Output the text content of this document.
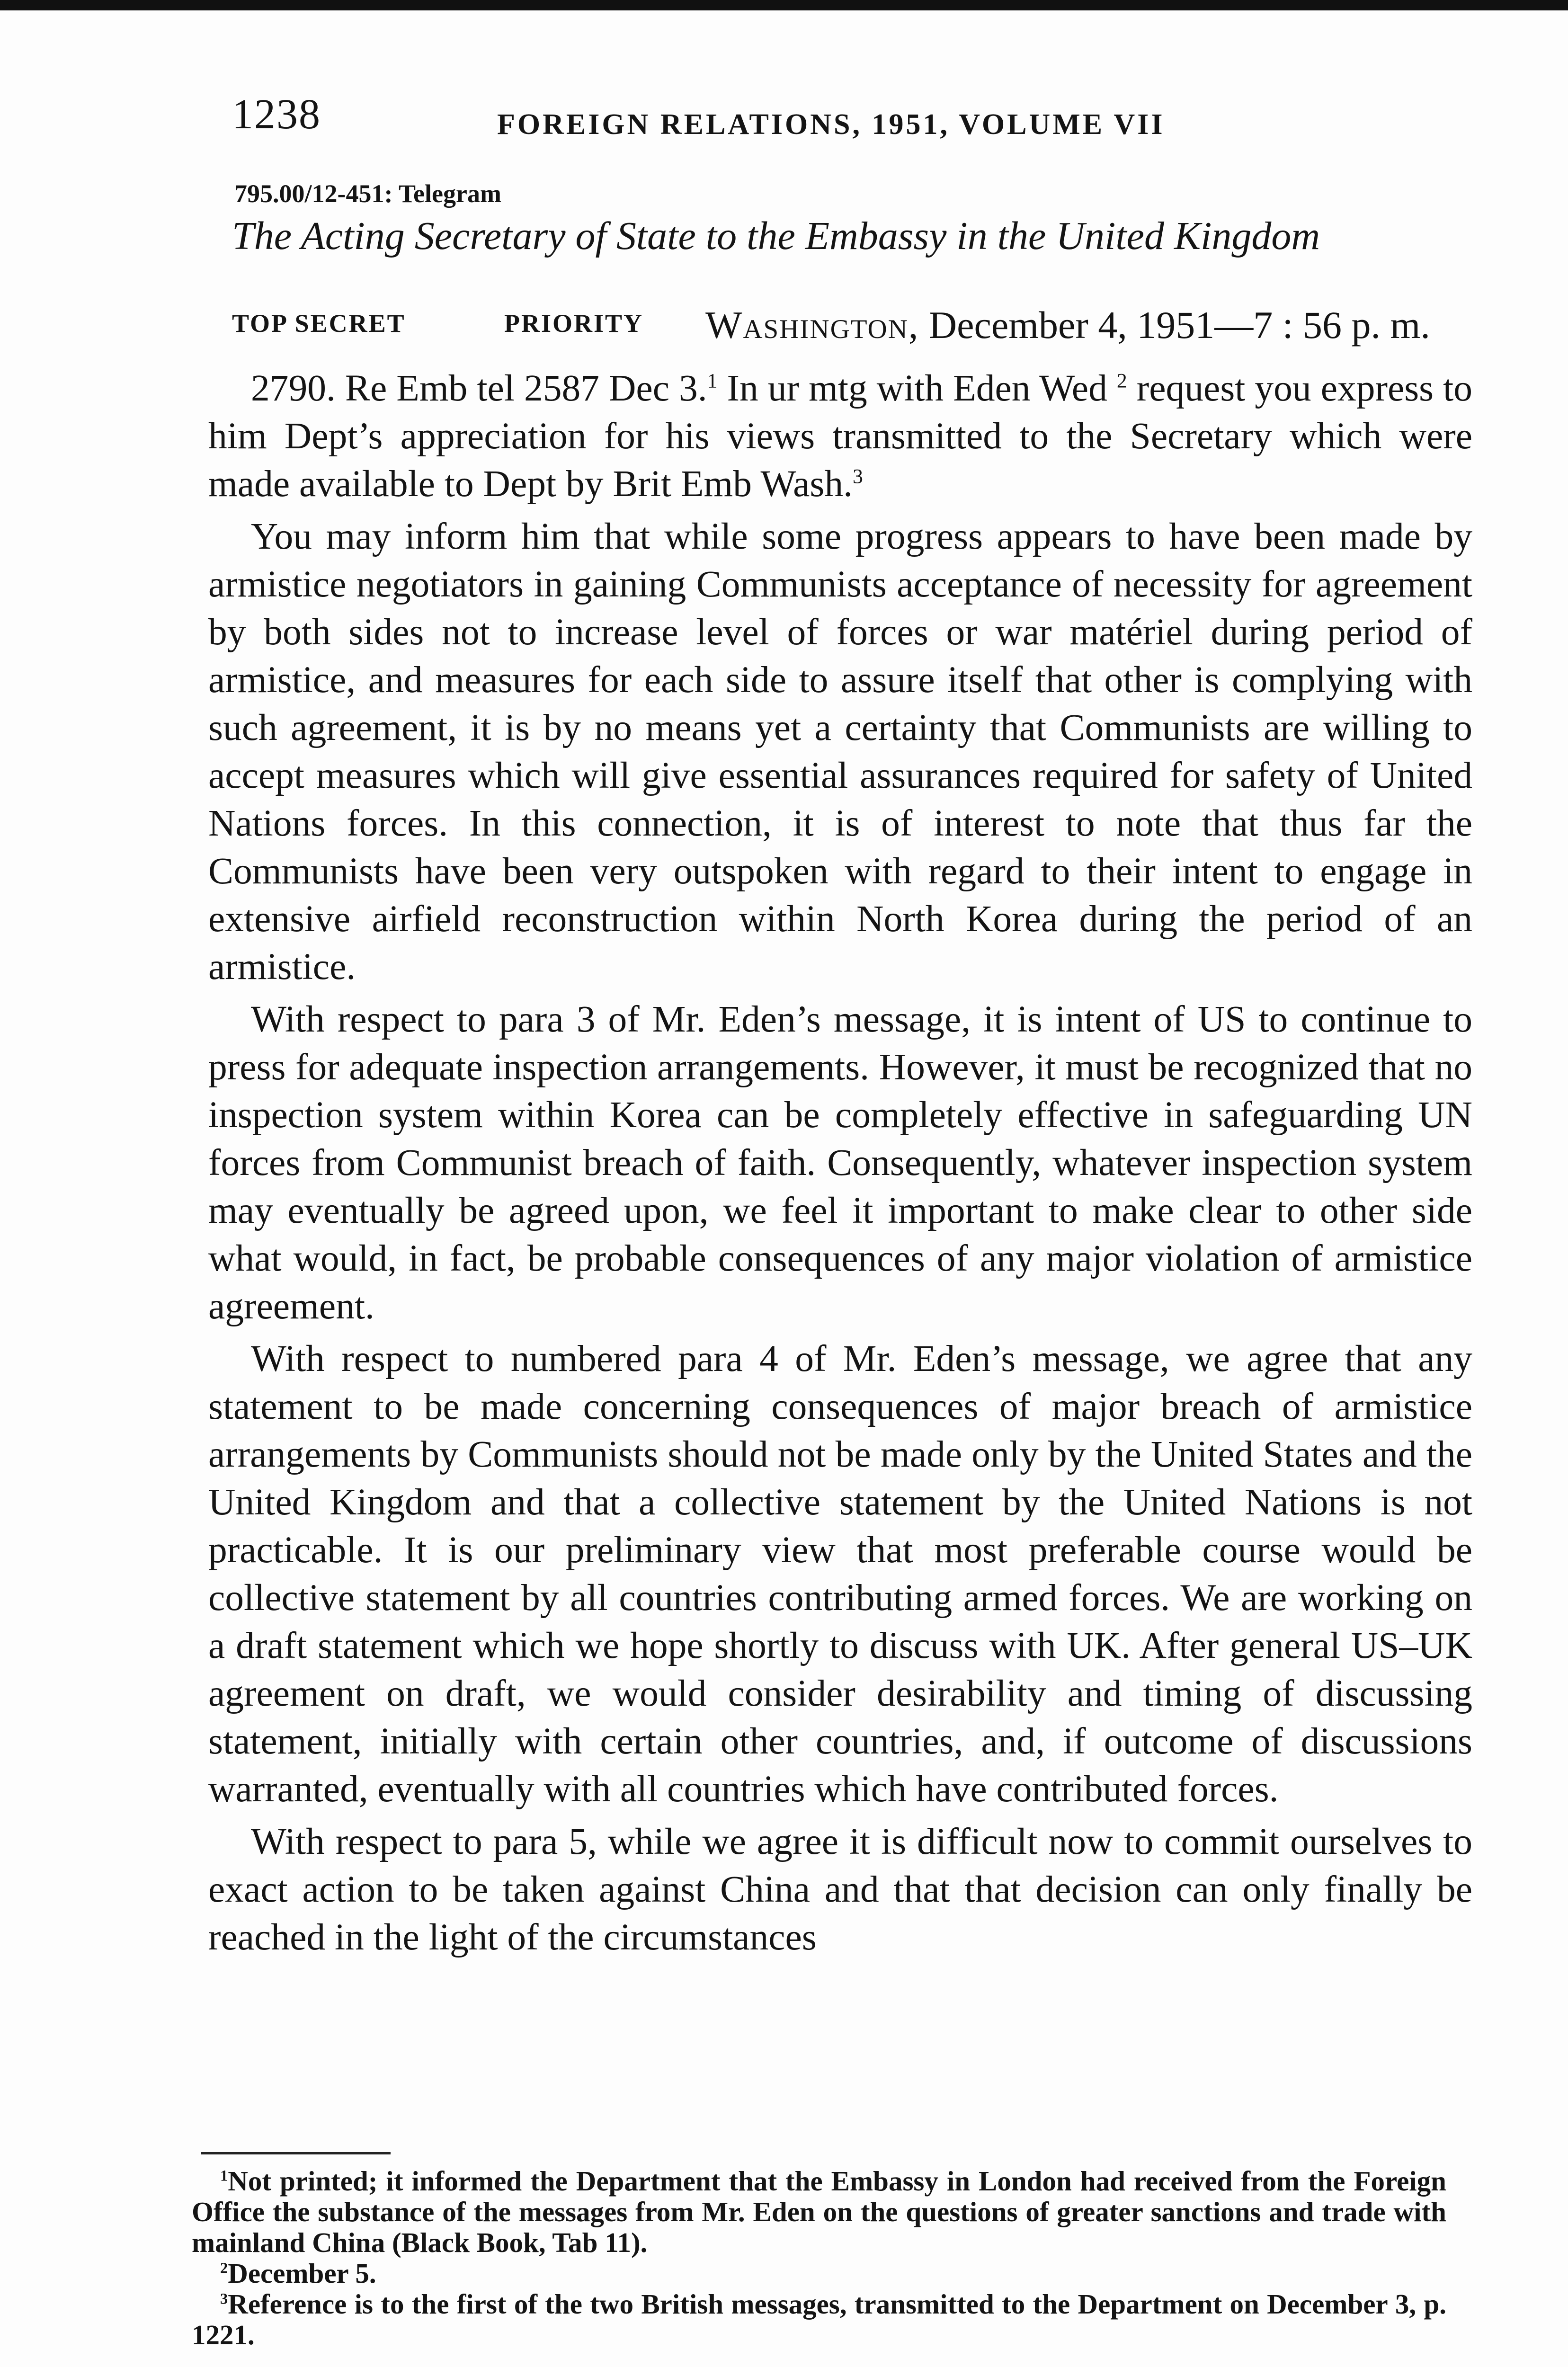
1238	FOREIGN RELATIONS, 1951, VOLUME VII
795.00/12-451: Telegram
The Acting Secretary of State to the Embassy in the United Kingdom
TOP SECRET	PRIORITY Washington, December 4, 1951—7 : 56 p. m.

2790. Re Emb tel 2587 Dec 3.$^1$ In ur mtg with Eden Wed $^2$ request you express to him Dept’s appreciation for his views transmitted to the Secretary which were made available to Dept by Brit Emb Wash.$^3$

You may inform him that while some progress appears to have been made by armistice negotiators in gaining Communists acceptance of necessity for agreement by both sides not to increase level of forces or war matériel during period of armistice, and measures for each side to assure itself that other is complying with such agreement, it is by no means yet a certainty that Communists are willing to accept measures which will give essential assurances required for safety of United Nations forces. In this connection, it is of interest to note that thus far the Communists have been very outspoken with regard to their intent to engage in extensive airfield reconstruction within North Korea during the period of an armistice.

With respect to para 3 of Mr. Eden’s message, it is intent of US to continue to press for adequate inspection arrangements. However, it must be recognized that no inspection system within Korea can be completely effective in safeguarding UN forces from Communist breach of faith. Consequently, whatever inspection system may eventually be agreed upon, we feel it important to make clear to other side what would, in fact, be probable consequences of any major violation of armistice agreement.

With respect to numbered para 4 of Mr. Eden’s message, we agree that any statement to be made concerning consequences of major breach of armistice arrangements by Communists should not be made only by the United States and the United Kingdom and that a collective statement by the United Nations is not practicable. It is our preliminary view that most preferable course would be collective statement by all countries contributing armed forces. We are working on a draft statement which we hope shortly to discuss with UK. After general US–UK agreement on draft, we would consider desirability and timing of discussing statement, initially with certain other countries, and, if outcome of discussions warranted, eventually with all countries which have contributed forces.

With respect to para 5, while we agree it is difficult now to commit ourselves to exact action to be taken against China and that that decision can only finally be reached in the light of the circumstances

$^1$Not printed; it informed the Department that the Embassy in London had received from the Foreign Office the substance of the messages from Mr. Eden on the questions of greater sanctions and trade with mainland China (Black Book, Tab 11).

$^2$December 5.

$^3$Reference is to the first of the two British messages, transmitted to the Department on December 3, p. 1221.
